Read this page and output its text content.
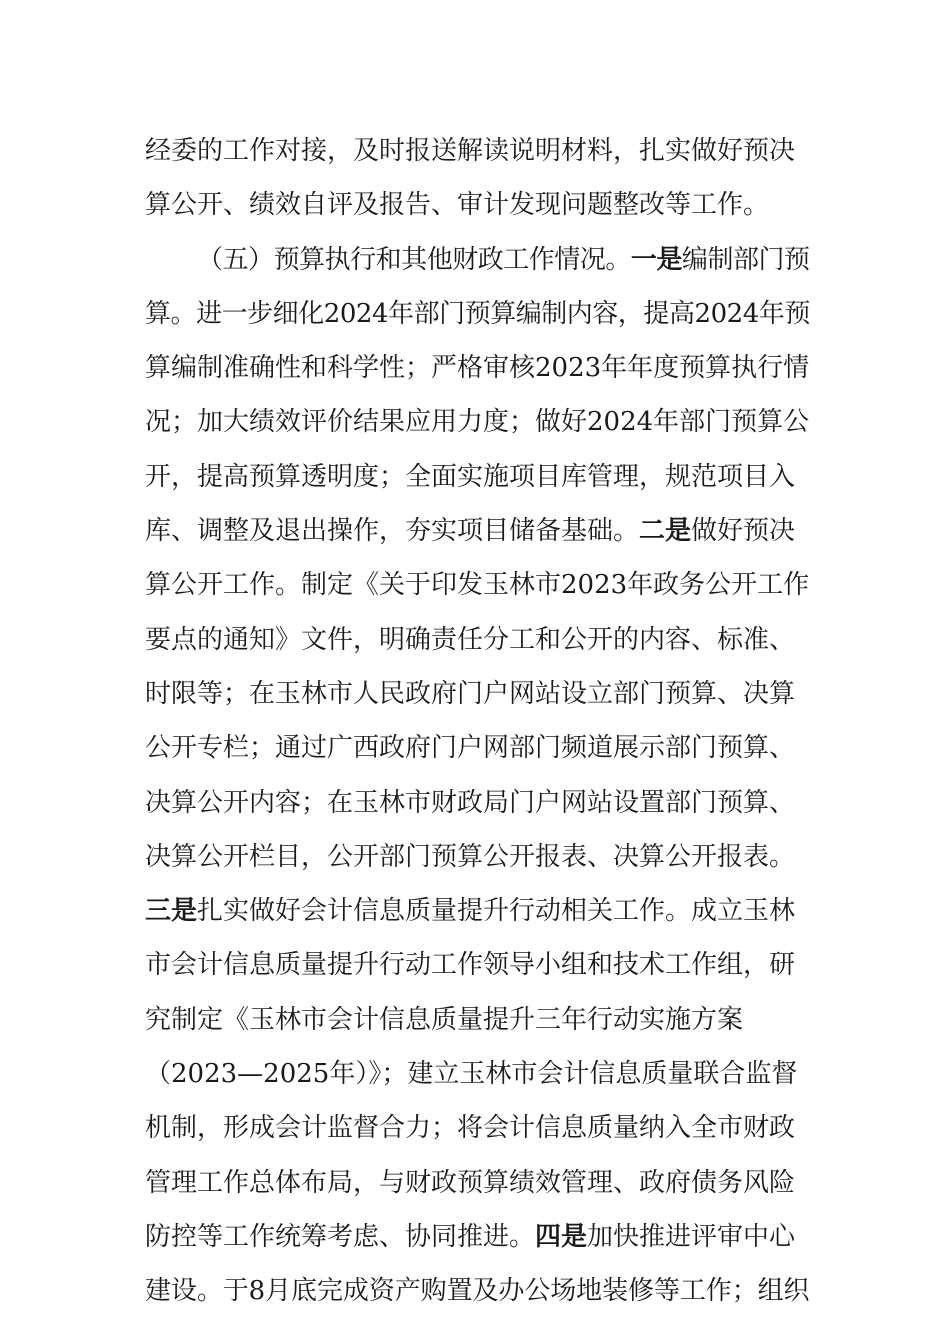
经委的工作对接，及时报送解读说明材料，扎实做好预决
算公开、绩效自评及报告、审计发现问题整改等工作。
（五）预算执行和其他财政工作情况。一是编制部门预
算。进一步细化2024年部门预算编制内容，提高2024年预
算编制准确性和科学性；严格审核2023年年度预算执行情
况；加大绩效评价结果应用力度；做好2024年部门预算公
开，提高预算透明度；全面实施项目库管理，规范项目入
库、调整及退出操作，夯实项目储备基础。二是做好预决
算公开工作。制定《关于印发玉林市2023年政务公开工作
要点的通知》文件，明确责任分工和公开的内容、标准、
时限等；在玉林市人民政府门户网站设立部门预算、决算
公开专栏；通过广西政府门户网部门频道展示部门预算、
决算公开内容；在玉林市财政局门户网站设置部门预算、
决算公开栏目，公开部门预算公开报表、决算公开报表。
三是扎实做好会计信息质量提升行动相关工作。成立玉林
市会计信息质量提升行动工作领导小组和技术工作组，研
究制定《玉林市会计信息质量提升三年行动实施方案
（2023—2025年）》；建立玉林市会计信息质量联合监督
机制，形成会计监督合力；将会计信息质量纳入全市财政
管理工作总体布局，与财政预算绩效管理、政府债务风险
防控等工作统筹考虑、协同推进。四是加快推进评审中心
建设。于8月底完成资产购置及办公场地装修等工作；组织
